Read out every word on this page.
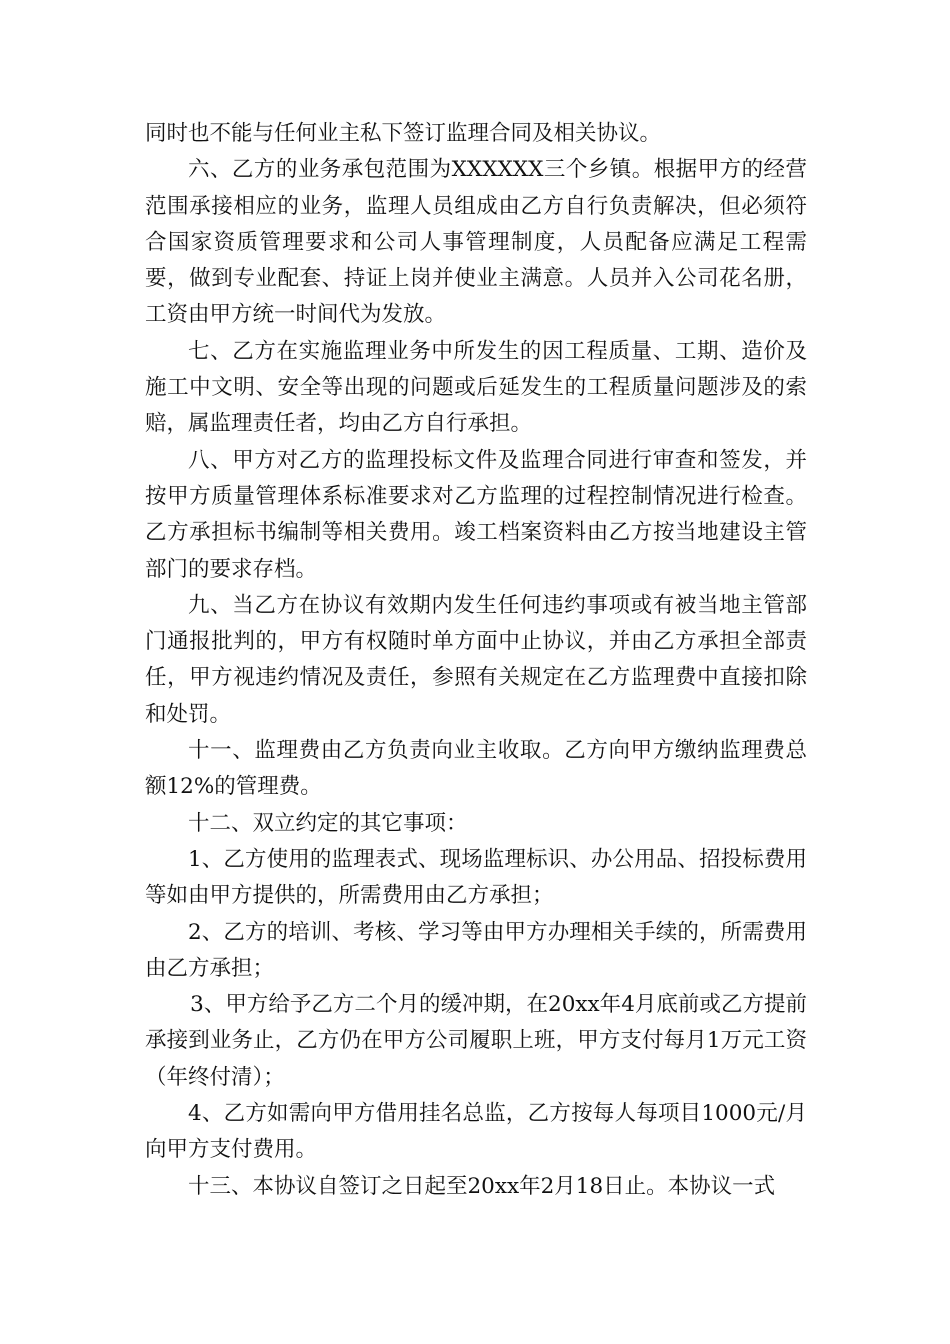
同时也不能与任何业主私下签订监理合同及相关协议。

六、乙方的业务承包范围为XXXXXX三个乡镇。根据甲方的经营范围承接相应的业务，监理人员组成由乙方自行负责解决，但必须符合国家资质管理要求和公司人事管理制度，人员配备应满足工程需要，做到专业配套、持证上岗并使业主满意。人员并入公司花名册，工资由甲方统一时间代为发放。

七、乙方在实施监理业务中所发生的因工程质量、工期、造价及施工中文明、安全等出现的问题或后延发生的工程质量问题涉及的索赔，属监理责任者，均由乙方自行承担。

八、甲方对乙方的监理投标文件及监理合同进行审查和签发，并按甲方质量管理体系标准要求对乙方监理的过程控制情况进行检查。乙方承担标书编制等相关费用。竣工档案资料由乙方按当地建设主管部门的要求存档。

九、当乙方在协议有效期内发生任何违约事项或有被当地主管部门通报批判的，甲方有权随时单方面中止协议，并由乙方承担全部责任，甲方视违约情况及责任，参照有关规定在乙方监理费中直接扣除和处罚。

十一、监理费由乙方负责向业主收取。乙方向甲方缴纳监理费总额12%的管理费。

十二、双立约定的其它事项：

1、乙方使用的监理表式、现场监理标识、办公用品、招投标费用等如由甲方提供的，所需费用由乙方承担；

2、乙方的培训、考核、学习等由甲方办理相关手续的，所需费用由乙方承担；

3、甲方给予乙方二个月的缓冲期，在20xx年4月底前或乙方提前承接到业务止，乙方仍在甲方公司履职上班，甲方支付每月1万元工资（年终付清）；

4、乙方如需向甲方借用挂名总监，乙方按每人每项目1000元/月向甲方支付费用。

十三、本协议自签订之日起至20xx年2月18日止。本协议一式
